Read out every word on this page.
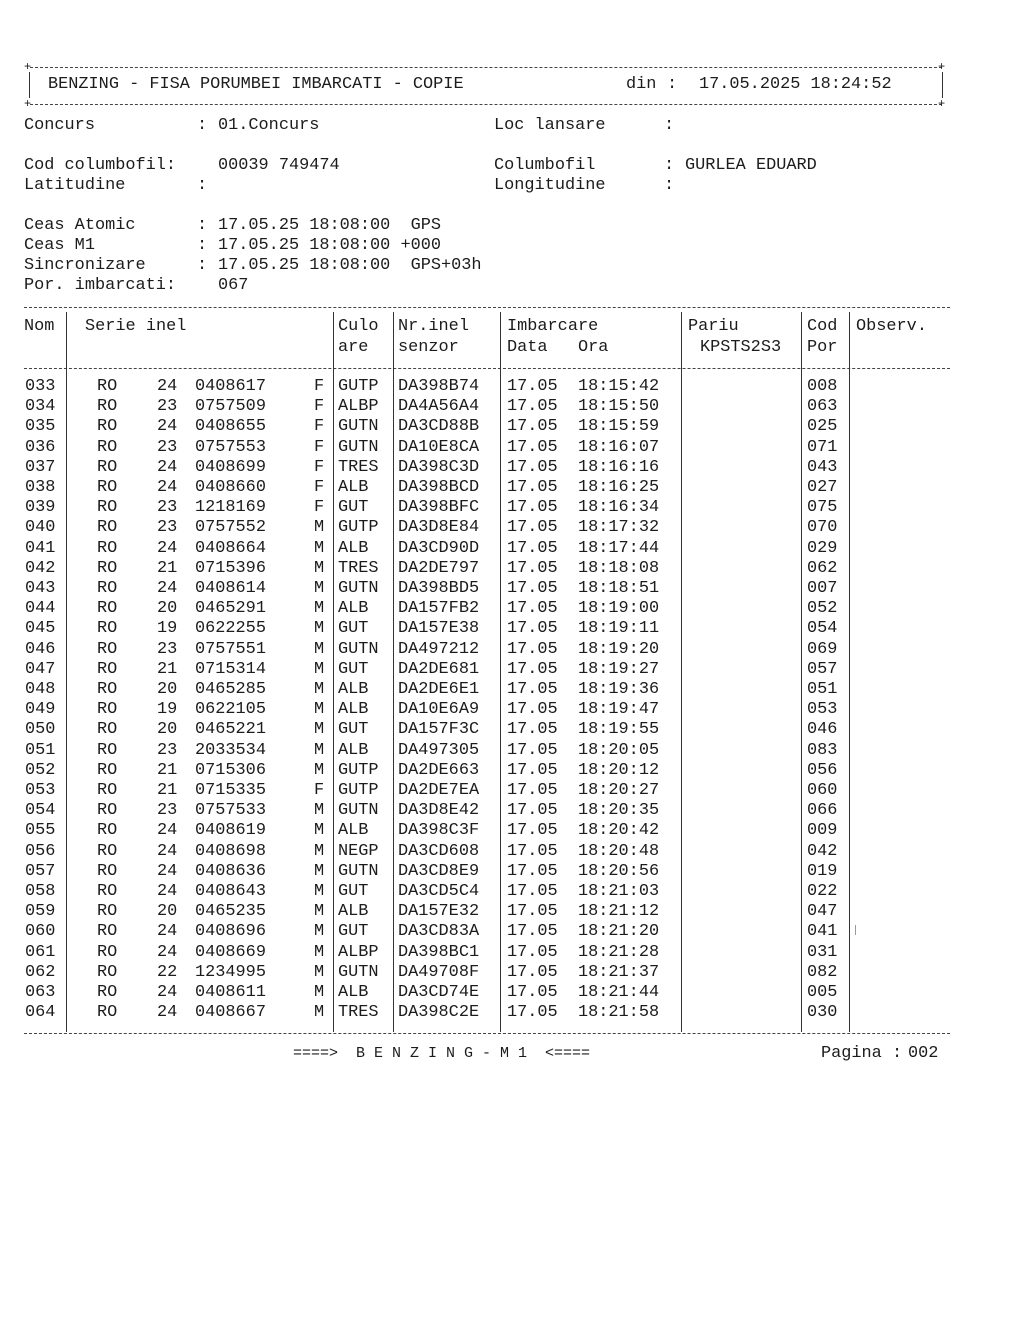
+	+
BENZING - FISA PORUMBEI IMBARCATI - COPIE	din : 17.05.2025 18:24:52
+	+
Concurs	: 01.Concurs	Loc lansare	:
Cod columbofil: 00039 749474	Columbofil	: GURLEA EDUARD
Latitudine	:	Longitudine	:
Ceas Atomic	: 17.05.25 18:08:00  GPS
Ceas M1	: 17.05.25 18:08:00 +000
Sincronizare	: 17.05.25 18:08:00  GPS+03h
Por. imbarcati: 067
Nom Serie inel	Culo
are
Nr.inel
senzor
Imbarcare
Data Ora
Pariu
KPSTS2S3
Cod
Por
Observ.
033 RO 24 0408617	F GUTP DA398B74 17.05 18:15:42	008
034 RO 23 0757509	F ALBP DA4A56A4 17.05 18:15:50	063
035 RO 24 0408655	F GUTN DA3CD88B 17.05 18:15:59	025
036 RO 23 0757553	F GUTN DA10E8CA 17.05 18:16:07	071
037 RO 24 0408699	F TRES DA398C3D 17.05 18:16:16	043
038 RO 24 0408660	F ALB DA398BCD 17.05 18:16:25	027
039 RO 23 1218169	F GUT DA398BFC 17.05 18:16:34	075
040 RO 23 0757552	M GUTP DA3D8E84 17.05 18:17:32	070
041 RO 24 0408664	M ALB DA3CD90D 17.05 18:17:44	029
042 RO 21 0715396	M TRES DA2DE797 17.05 18:18:08	062
043 RO 24 0408614	M GUTN DA398BD5 17.05 18:18:51	007
044 RO 20 0465291	M ALB DA157FB2 17.05 18:19:00	052
045 RO 19 0622255	M GUT DA157E38 17.05 18:19:11	054
046 RO 23 0757551	M GUTN DA497212 17.05 18:19:20	069
047 RO 21 0715314	M GUT DA2DE681 17.05 18:19:27	057
048 RO 20 0465285	M ALB DA2DE6E1 17.05 18:19:36	051
049 RO 19 0622105	M ALB DA10E6A9 17.05 18:19:47	053
050 RO 20 0465221	M GUT DA157F3C 17.05 18:19:55	046
051 RO 23 2033534	M ALB DA497305 17.05 18:20:05	083
052 RO 21 0715306	M GUTP DA2DE663 17.05 18:20:12	056
053 RO 21 0715335	F GUTP DA2DE7EA 17.05 18:20:27	060
054 RO 23 0757533	M GUTN DA3D8E42 17.05 18:20:35	066
055 RO 24 0408619	M ALB DA398C3F 17.05 18:20:42	009
056 RO 24 0408698	M NEGP DA3CD608 17.05 18:20:48	042
057 RO 24 0408636	M GUTN DA3CD8E9 17.05 18:20:56	019
058 RO 24 0408643	M GUT DA3CD5C4 17.05 18:21:03	022
059 RO 20 0465235	M ALB DA157E32 17.05 18:21:12	047
060 RO 24 0408696	M GUT DA3CD83A 17.05 18:21:20	041
061 RO 24 0408669	M ALBP DA398BC1 17.05 18:21:28	031
062 RO 22 1234995	M GUTN DA49708F 17.05 18:21:37	082
063 RO 24 0408611	M ALB DA3CD74E 17.05 18:21:44	005
064 RO 24 0408667	M TRES DA398C2E 17.05 18:21:58	030
====>  B E N Z I N G - M 1  <====	Pagina : 002
